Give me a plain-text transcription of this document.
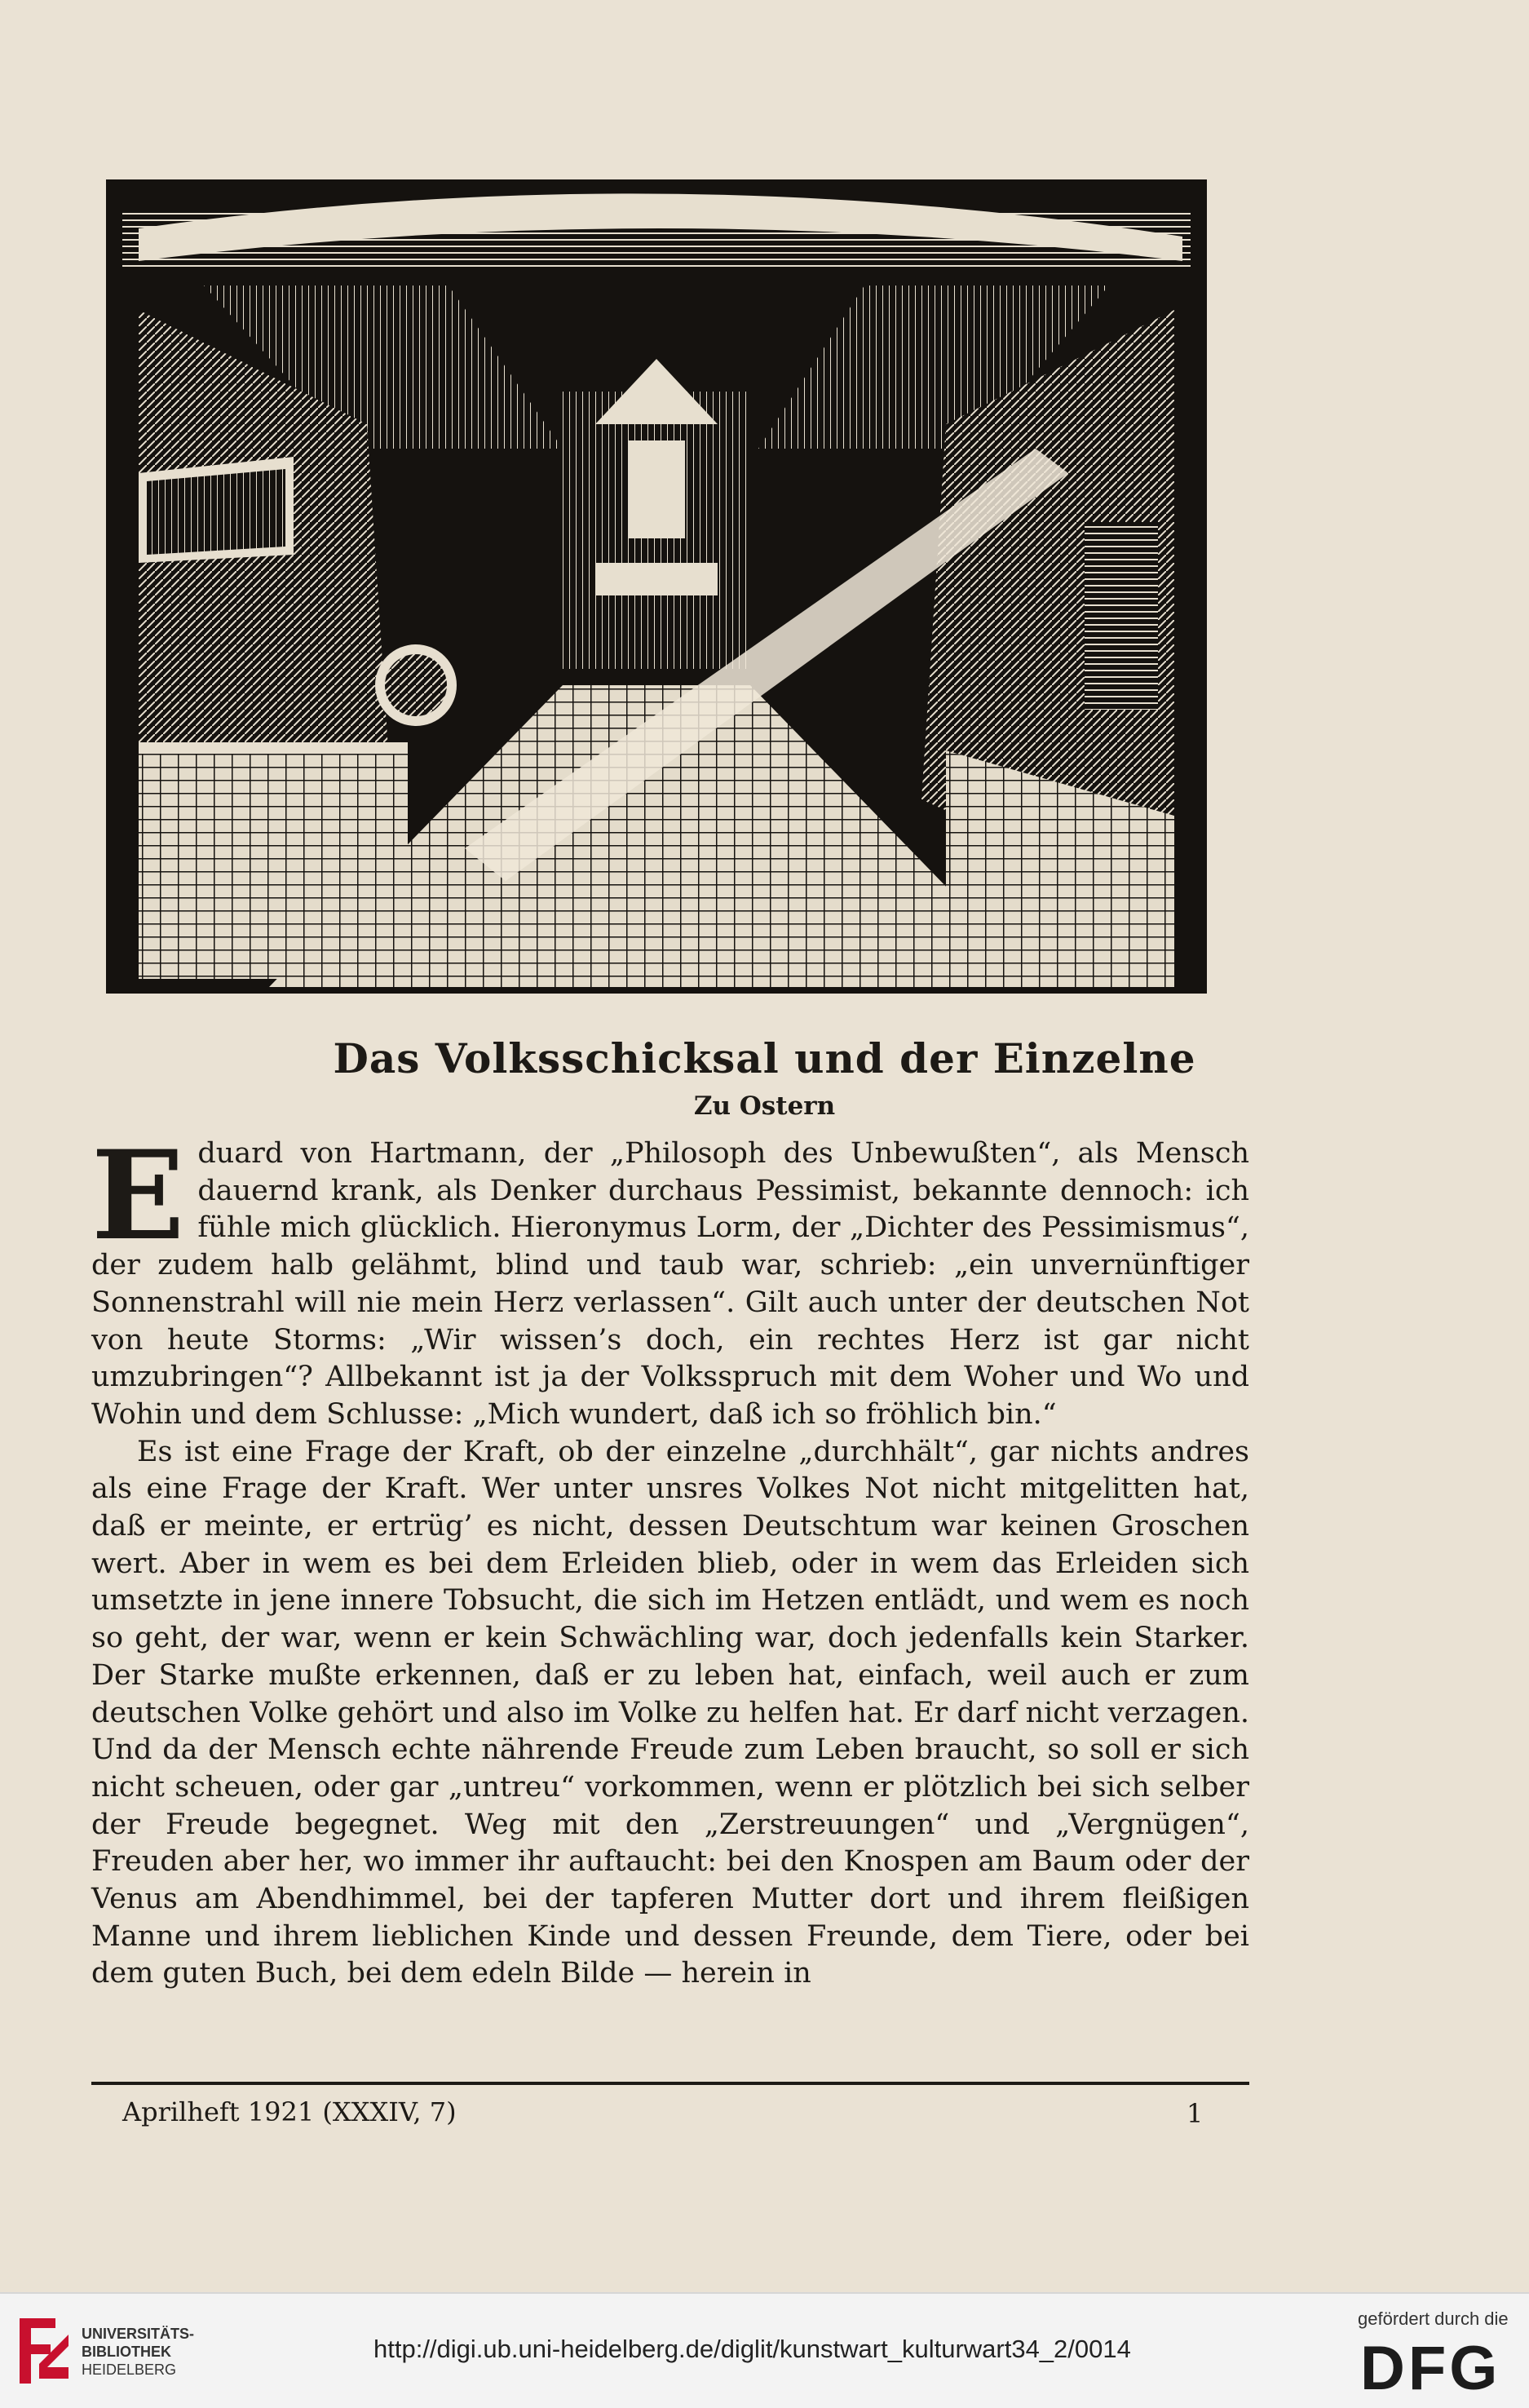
Das Volksschicksal und der Einzelne
Zu Ostern

Eduard von Hartmann, der „Philosoph des Unbewußten“, als Mensch dauernd krank, als Denker durchaus Pessimist, bekannte dennoch: ich fühle mich glücklich. Hieronymus Lorm, der „Dichter des Pessimismus“, der zudem halb gelähmt, blind und taub war, schrieb: „ein unvernünftiger Sonnenstrahl will nie mein Herz verlassen“. Gilt auch unter der deutschen Not von heute Storms: „Wir wissen’s doch, ein rechtes Herz ist gar nicht umzubringen“? Allbekannt ist ja der Volksspruch mit dem Woher und Wo und Wohin und dem Schlusse: „Mich wundert, daß ich so fröhlich bin.“

Es ist eine Frage der Kraft, ob der einzelne „durchhält“, gar nichts andres als eine Frage der Kraft. Wer unter unsres Volkes Not nicht mitgelitten hat, daß er meinte, er ertrüg’ es nicht, dessen Deutschtum war keinen Groschen wert. Aber in wem es bei dem Erleiden blieb, oder in wem das Erleiden sich umsetzte in jene innere Tobsucht, die sich im Hetzen entlädt, und wem es noch so geht, der war, wenn er kein Schwächling war, doch jedenfalls kein Starker. Der Starke mußte erkennen, daß er zu leben hat, einfach, weil auch er zum deutschen Volke gehört und also im Volke zu helfen hat. Er darf nicht verzagen. Und da der Mensch echte nährende Freude zum Leben braucht, so soll er sich nicht scheuen, oder gar „untreu“ vorkommen, wenn er plötzlich bei sich selber der Freude begegnet. Weg mit den „Zerstreuungen“ und „Vergnügen“, Freuden aber her, wo immer ihr auftaucht: bei den Knospen am Baum oder der Venus am Abendhimmel, bei der tapferen Mutter dort und ihrem fleißigen Manne und ihrem lieblichen Kinde und dessen Freunde, dem Tiere, oder bei dem guten Buch, bei dem edeln Bilde — herein in

Aprilheft 1921 (XXXIV, 7)	1
UNIVERSITÄTS-
BIBLIOTHEK
HEIDELBERG
http://digi.ub.uni-heidelberg.de/diglit/kunstwart_kulturwart34_2/0014
gefördert durch die
DFG
